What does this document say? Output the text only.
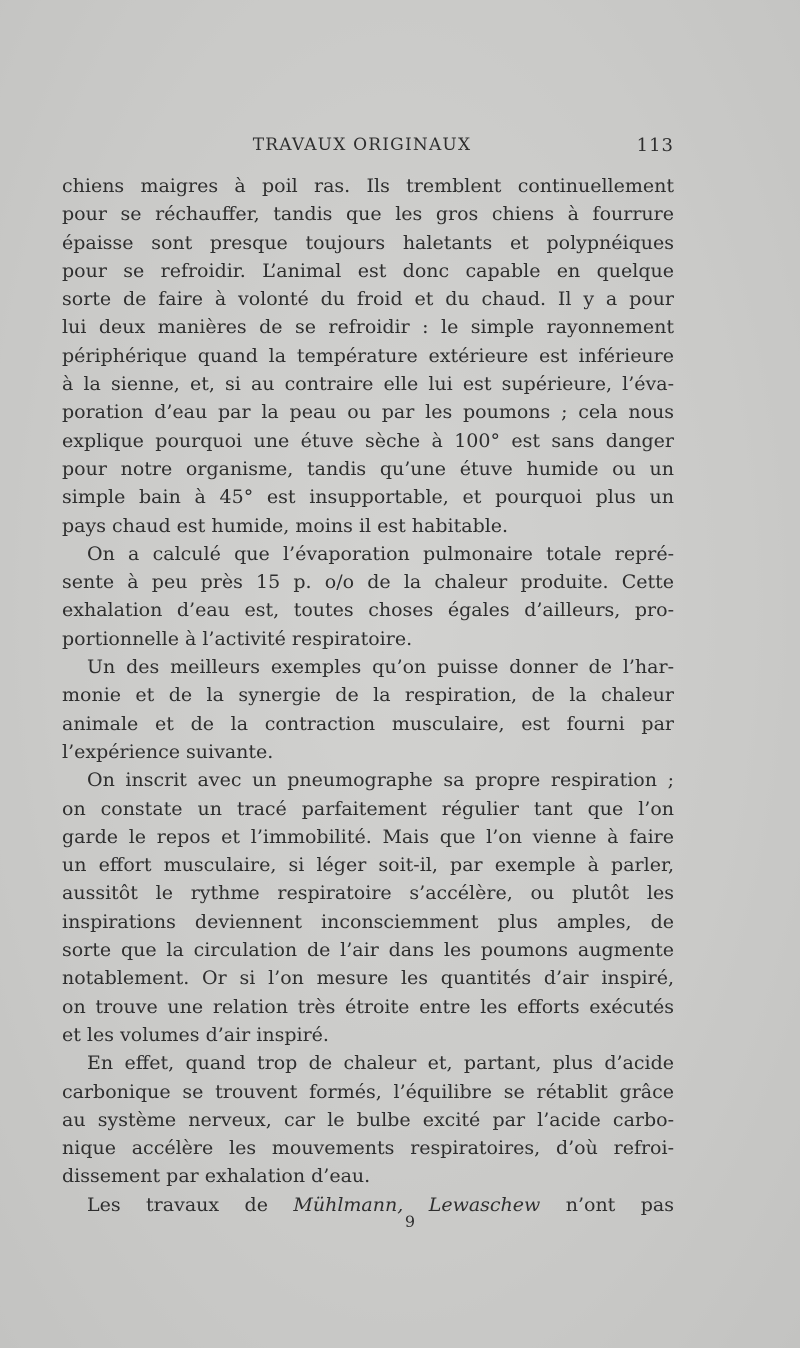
TRAVAUX ORIGINAUX	113
chiens maigres à poil ras. Ils tremblent continuellement
pour se réchauffer, tandis que les gros chiens à fourrure
épaisse sont presque toujours haletants et polypnéiques
pour se refroidir. L’animal est donc capable en quelque
sorte de faire à volonté du froid et du chaud. Il y a pour
lui deux manières de se refroidir : le simple rayonnement
périphérique quand la température extérieure est inférieure
à la sienne, et, si au contraire elle lui est supérieure, l’éva-
poration d’eau par la peau ou par les poumons ; cela nous
explique pourquoi une étuve sèche à 100° est sans danger
pour notre organisme, tandis qu’une étuve humide ou un
simple bain à 45° est insupportable, et pourquoi plus un
pays chaud est humide, moins il est habitable.
On a calculé que l’évaporation pulmonaire totale repré-
sente à peu près 15 p. o/o de la chaleur produite. Cette
exhalation d’eau est, toutes choses égales d’ailleurs, pro-
portionnelle à l’activité respiratoire.
Un des meilleurs exemples qu’on puisse donner de l’har-
monie et de la synergie de la respiration, de la chaleur
animale et de la contraction musculaire, est fourni par
l’expérience suivante.
On inscrit avec un pneumographe sa propre respiration ;
on constate un tracé parfaitement régulier tant que l’on
garde le repos et l’immobilité. Mais que l’on vienne à faire
un effort musculaire, si léger soit-il, par exemple à parler,
aussitôt le rythme respiratoire s’accélère, ou plutôt les
inspirations deviennent inconsciemment plus amples, de
sorte que la circulation de l’air dans les poumons augmente
notablement. Or si l’on mesure les quantités d’air inspiré,
on trouve une relation très étroite entre les efforts exécutés
et les volumes d’air inspiré.
En effet, quand trop de chaleur et, partant, plus d’acide
carbonique se trouvent formés, l’équilibre se rétablit grâce
au système nerveux, car le bulbe excité par l’acide carbo-
nique accélère les mouvements respiratoires, d’où refroi-
dissement par exhalation d’eau.
Les travaux de Mühlmann, Lewaschew n’ont pas
9
